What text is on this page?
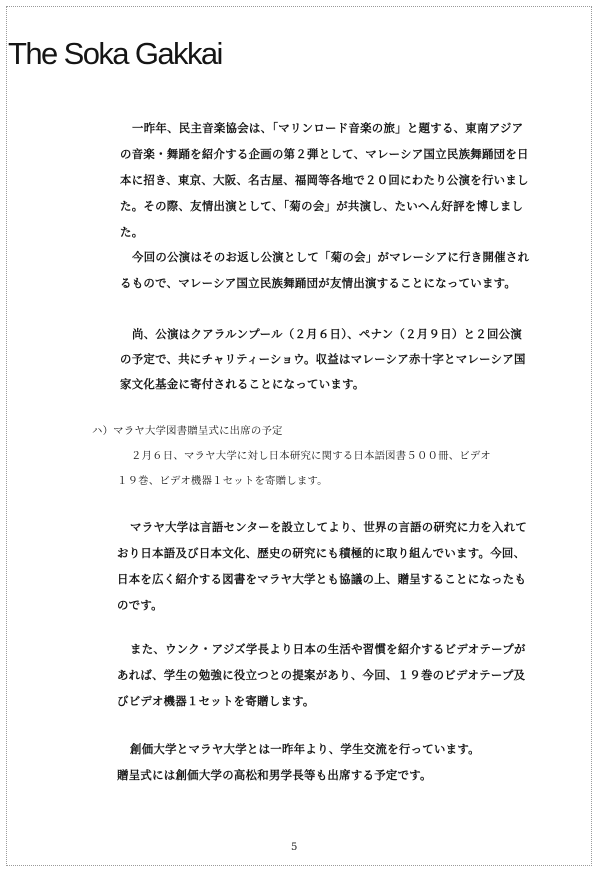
The Soka Gakkai
一昨年、民主音楽協会は、「マリンロード音楽の旅」と題する、東南アジア
の音楽・舞踊を紹介する企画の第２弾として、マレーシア国立民族舞踊団を日
本に招き、東京、大阪、名古屋、福岡等各地で２０回にわたり公演を行いまし
た。その際、友情出演として、「菊の会」が共演し、たいへん好評を博しまし
た。
今回の公演はそのお返し公演として「菊の会」がマレーシアに行き開催され
るもので、マレーシア国立民族舞踊団が友情出演することになっています。
尚、公演はクアラルンプール（２月６日）、ペナン（２月９日）と２回公演
の予定で、共にチャリティーショウ。収益はマレーシア赤十字とマレーシア国
家文化基金に寄付されることになっています。
ハ）マラヤ大学図書贈呈式に出席の予定
２月６日、マラヤ大学に対し日本研究に関する日本語図書５００冊、ビデオ
１９巻、ビデオ機器１セットを寄贈します。
マラヤ大学は言語センターを設立してより、世界の言語の研究に力を入れて
おり日本語及び日本文化、歴史の研究にも積極的に取り組んでいます。今回、
日本を広く紹介する図書をマラヤ大学とも協議の上、贈呈することになったも
のです。
また、ウンク・アジズ学長より日本の生活や習慣を紹介するビデオテープが
あれば、学生の勉強に役立つとの提案があり、今回、１９巻のビデオテープ及
びビデオ機器１セットを寄贈します。
創価大学とマラヤ大学とは一昨年より、学生交流を行っています。
贈呈式には創価大学の高松和男学長等も出席する予定です。
5
